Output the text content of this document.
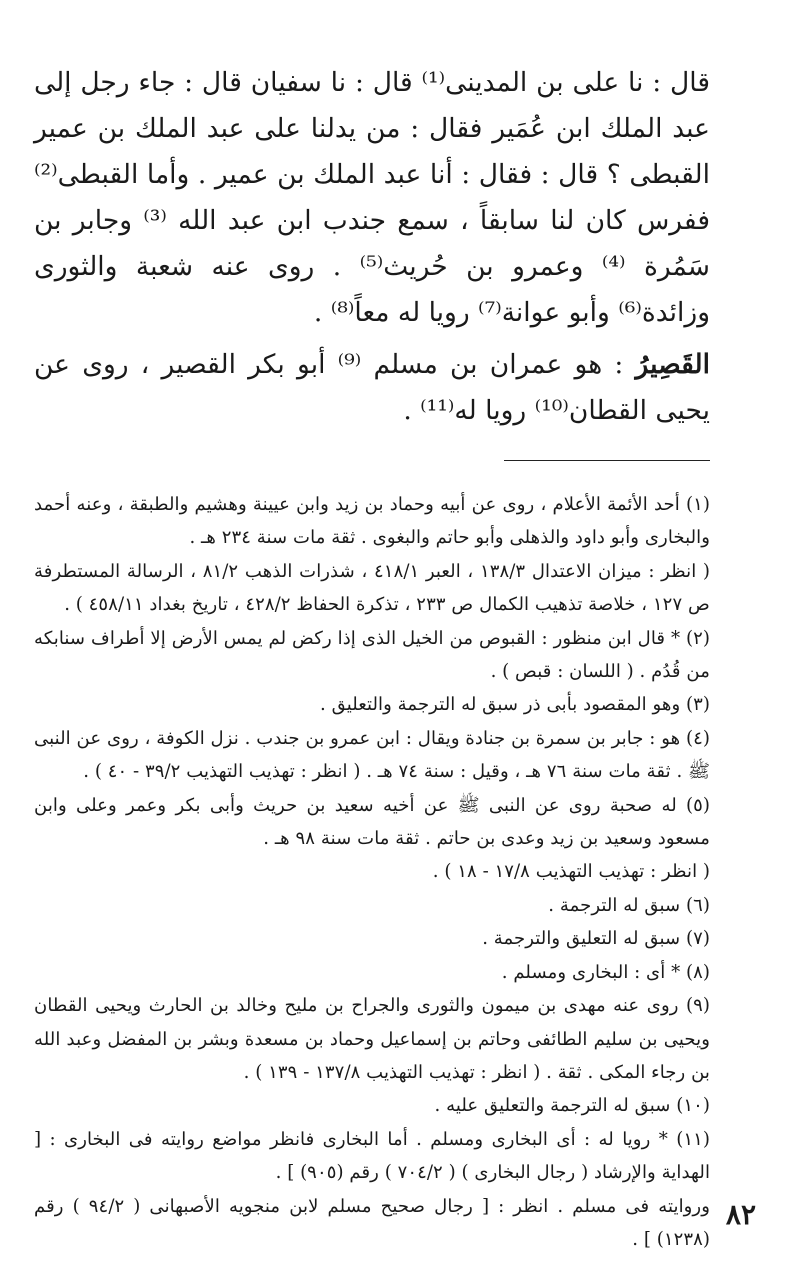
قال : نا على بن المدينى⁽¹⁾ قال : نا سفيان قال : جاء رجل إلى عبد الملك ابن عُمَير فقال : من يدلنا على عبد الملك بن عمير القبطى ؟ قال : فقال : أنا عبد الملك بن عمير . وأما القبطى⁽²⁾ ففرس كان لنا سابقاً ، سمع جندب ابن عبد الله ⁽³⁾ وجابر بن سَمُرة ⁽⁴⁾ وعمرو بن حُريث⁽⁵⁾ . روى عنه شعبة والثورى وزائدة⁽⁶⁾ وأبو عوانة⁽⁷⁾ رويا له معاً⁽⁸⁾ .

القَصِيرُ : هو عمران بن مسلم ⁽⁹⁾ أبو بكر القصير ، روى عن يحيى القطان⁽¹⁰⁾ رويا له⁽¹¹⁾ .

(١) أحد الأئمة الأعلام ، روى عن أبيه وحماد بن زيد وابن عيينة وهشيم والطبقة ، وعنه أحمد والبخارى وأبو داود والذهلى وأبو حاتم والبغوى . ثقة مات سنة ٢٣٤ هـ .

( انظر : ميزان الاعتدال ١٣٨/٣ ، العبر ٤١٨/١ ، شذرات الذهب ٨١/٢ ، الرسالة المستطرفة ص ١٢٧ ، خلاصة تذهيب الكمال ص ٢٣٣ ، تذكرة الحفاظ ٤٢٨/٢ ، تاريخ بغداد ٤٥٨/١١ ) .

(٢) * قال ابن منظور : القبوص من الخيل الذى إذا ركض لم يمس الأرض إلا أطراف سنابكه من قُدُم . ( اللسان : قبص ) .

(٣) وهو المقصود بأبى ذر سبق له الترجمة والتعليق .

(٤) هو : جابر بن سمرة بن جنادة ويقال : ابن عمرو بن جندب . نزل الكوفة ، روى عن النبى ﷺ . ثقة مات سنة ٧٦ هـ ، وقيل : سنة ٧٤ هـ . ( انظر : تهذيب التهذيب ٣٩/٢ - ٤٠ ) .

(٥) له صحبة روى عن النبى ﷺ عن أخيه سعيد بن حريث وأبى بكر وعمر وعلى وابن مسعود وسعيد بن زيد وعدى بن حاتم . ثقة مات سنة ٩٨ هـ .

( انظر : تهذيب التهذيب ١٧/٨ - ١٨ ) .

(٦) سبق له الترجمة .

(٧) سبق له التعليق والترجمة .

(٨) * أى : البخارى ومسلم .

(٩) روى عنه مهدى بن ميمون والثورى والجراح بن مليح وخالد بن الحارث ويحيى القطان ويحيى بن سليم الطائفى وحاتم بن إسماعيل وحماد بن مسعدة وبشر بن المفضل وعبد الله بن رجاء المكى . ثقة . ( انظر : تهذيب التهذيب ١٣٧/٨ - ١٣٩ ) .

(١٠) سبق له الترجمة والتعليق عليه .

(١١) * رويا له : أى البخارى ومسلم . أما البخارى فانظر مواضع روايته فى البخارى : [ الهداية والإرشاد ( رجال البخارى ) ( ٧٠٤/٢ ) رقم (٩٠٥) ] .

وروايته فى مسلم . انظر : [ رجال صحيح مسلم لابن منجويه الأصبهانى ( ٩٤/٢ ) رقم (١٢٣٨) ] .

٨٢
